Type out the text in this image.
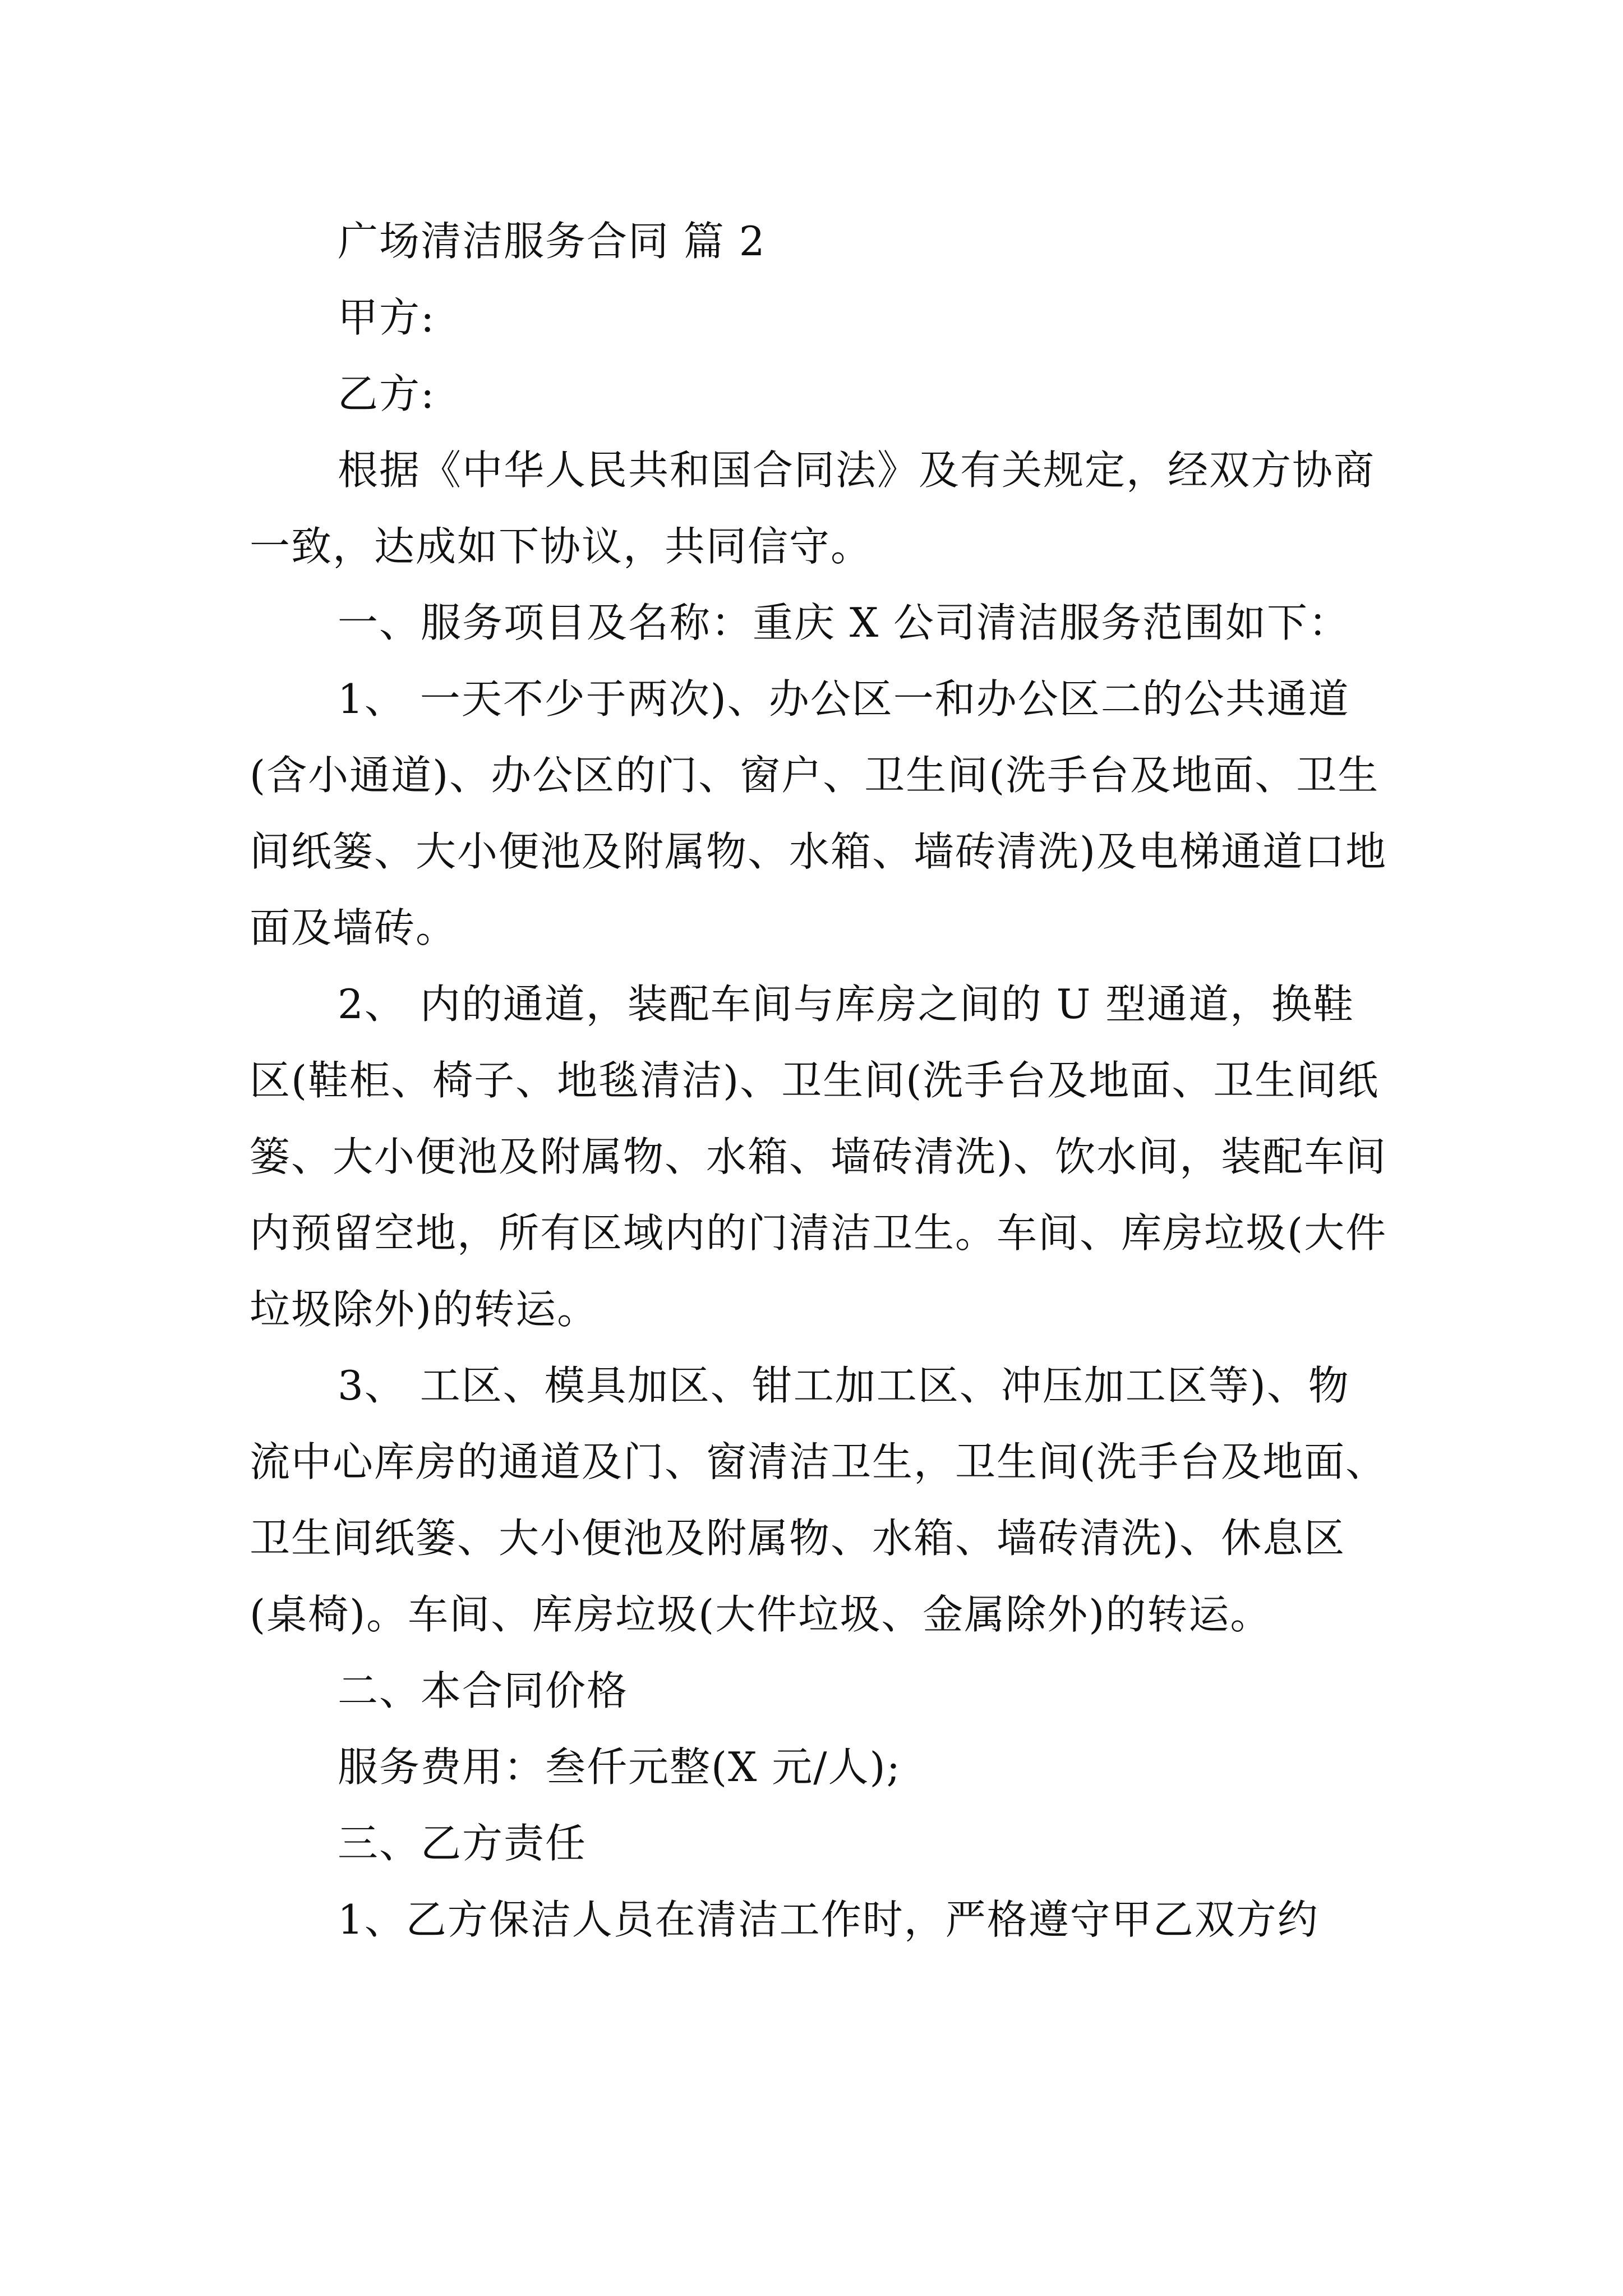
广场清洁服务合同 篇 2

甲方:

乙方:

根据《中华人民共和国合同法》及有关规定，经双方协商一致，达成如下协议，共同信守。

一、服务项目及名称：重庆 X 公司清洁服务范围如下：

1、 一天不少于两次)、办公区一和办公区二的公共通道(含小通道)、办公区的门、窗户、卫生间(洗手台及地面、卫生间纸篓、大小便池及附属物、水箱、墙砖清洗)及电梯通道口地面及墙砖。

2、 内的通道，装配车间与库房之间的 U 型通道，换鞋区(鞋柜、椅子、地毯清洁)、卫生间(洗手台及地面、卫生间纸篓、大小便池及附属物、水箱、墙砖清洗)、饮水间，装配车间内预留空地，所有区域内的门清洁卫生。车间、库房垃圾(大件垃圾除外)的转运。

3、 工区、模具加区、钳工加工区、冲压加工区等)、物流中心库房的通道及门、窗清洁卫生，卫生间(洗手台及地面、卫生间纸篓、大小便池及附属物、水箱、墙砖清洗)、休息区(桌椅)。车间、库房垃圾(大件垃圾、金属除外)的转运。

二、本合同价格

服务费用：叁仟元整(X 元/人);

三、乙方责任

1、乙方保洁人员在清洁工作时，严格遵守甲乙双方约
